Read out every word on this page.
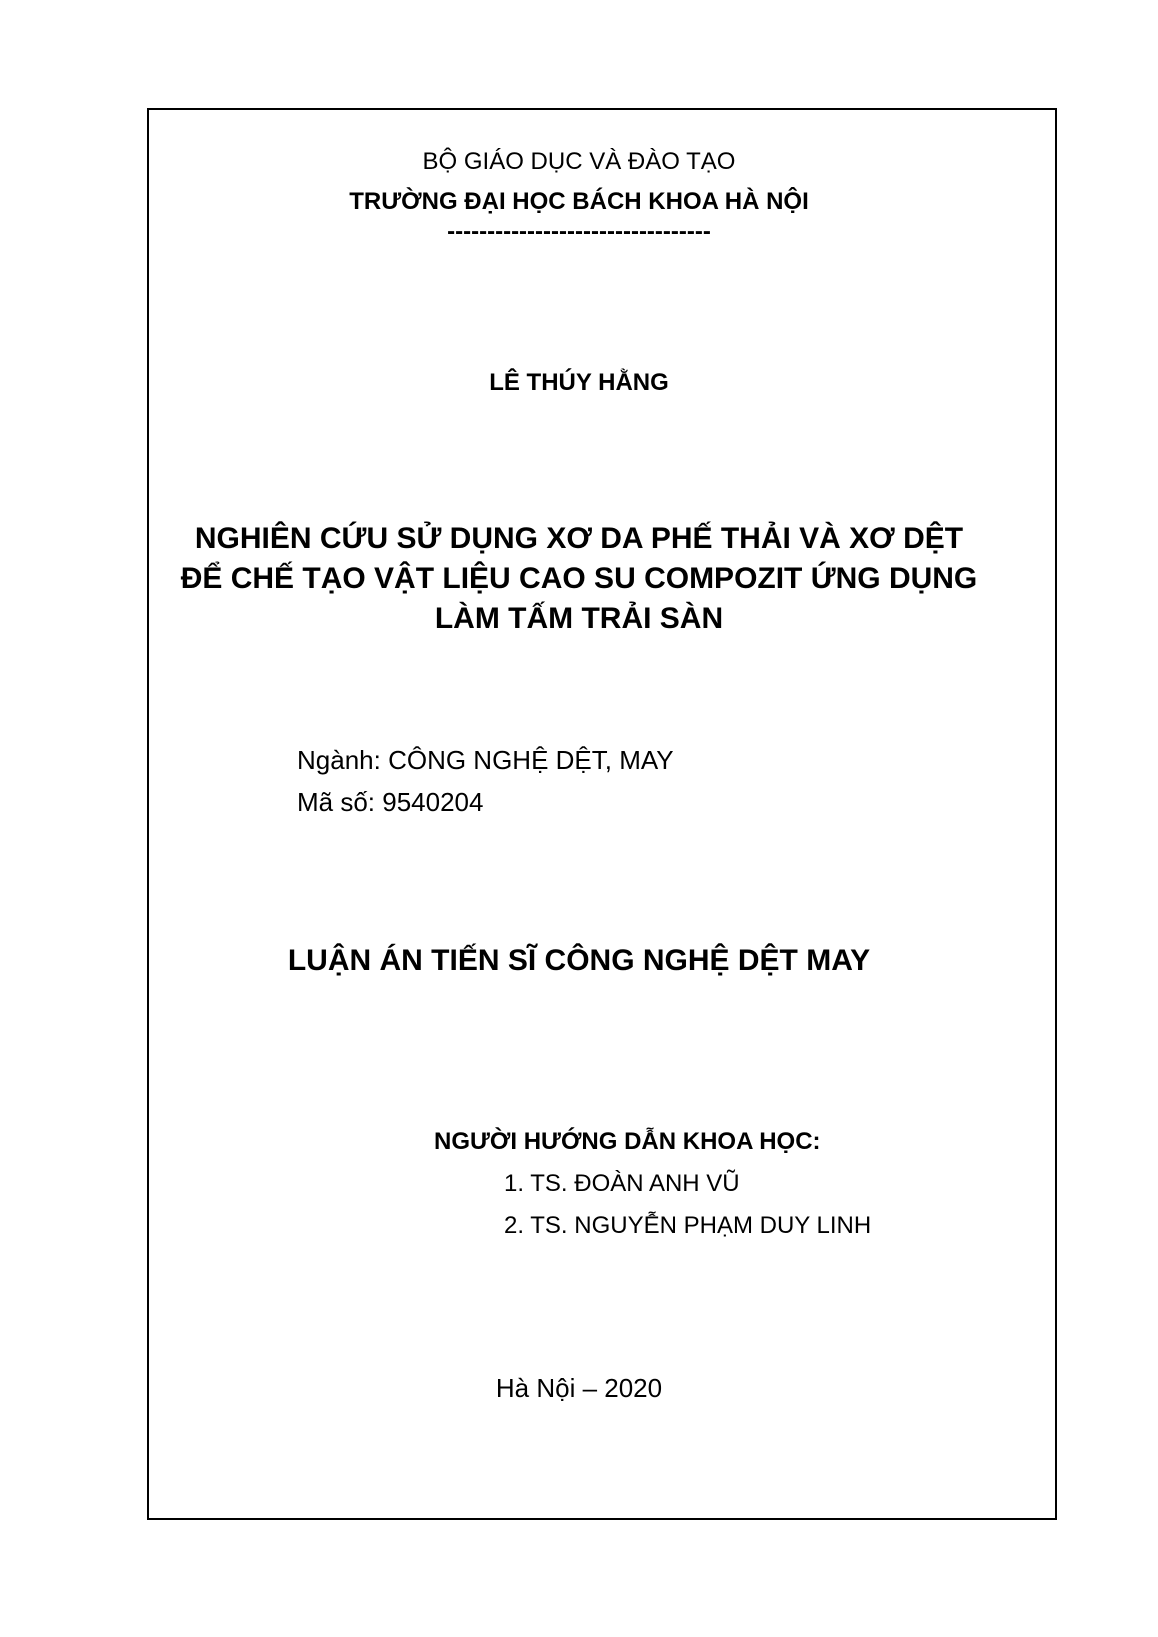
BỘ GIÁO DỤC VÀ ĐÀO TẠO
TRƯỜNG ĐẠI HỌC BÁCH KHOA HÀ NỘI
---------------------------------
LÊ THÚY HẰNG
NGHIÊN CỨU SỬ DỤNG XƠ DA PHẾ THẢI VÀ XƠ DỆT
ĐỂ CHẾ TẠO VẬT LIỆU CAO SU COMPOZIT ỨNG DỤNG
LÀM TẤM TRẢI SÀN
Ngành: CÔNG NGHỆ DỆT, MAY
Mã số: 9540204
LUẬN ÁN TIẾN SĨ CÔNG NGHỆ DỆT MAY
NGƯỜI HƯỚNG DẪN KHOA HỌC:
1. TS. ĐOÀN ANH VŨ
2. TS. NGUYỄN PHẠM DUY LINH
Hà Nội – 2020
